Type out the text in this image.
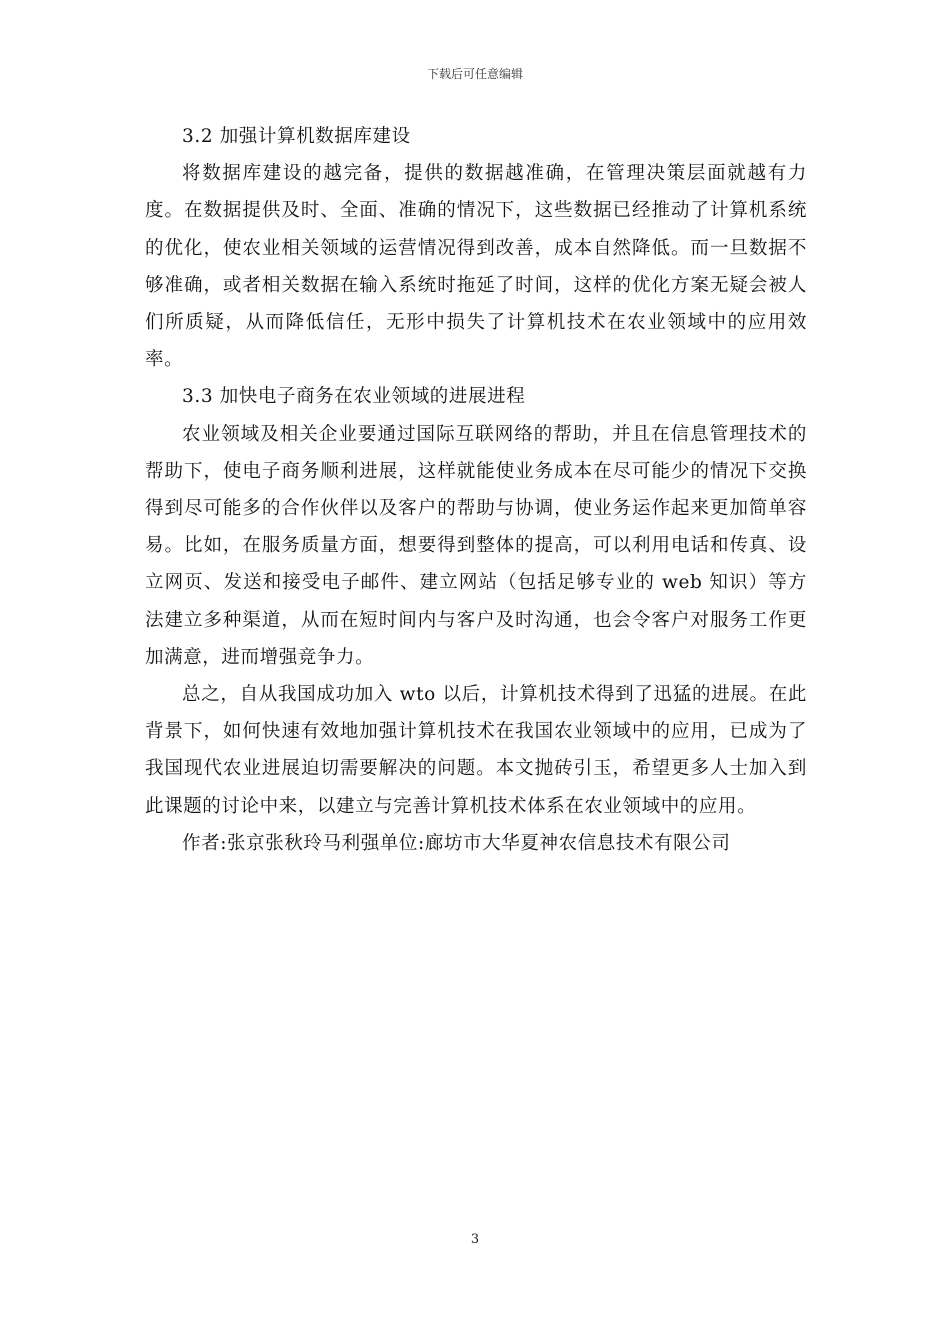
下载后可任意编辑

3.2 加强计算机数据库建设

将数据库建设的越完备，提供的数据越准确，在管理决策层面就越有力度。在数据提供及时、全面、准确的情况下，这些数据已经推动了计算机系统的优化，使农业相关领域的运营情况得到改善，成本自然降低。而一旦数据不够准确，或者相关数据在输入系统时拖延了时间，这样的优化方案无疑会被人们所质疑，从而降低信任，无形中损失了计算机技术在农业领域中的应用效率。

3.3 加快电子商务在农业领域的进展进程

农业领域及相关企业要通过国际互联网络的帮助，并且在信息管理技术的帮助下，使电子商务顺利进展，这样就能使业务成本在尽可能少的情况下交换得到尽可能多的合作伙伴以及客户的帮助与协调，使业务运作起来更加简单容易。比如，在服务质量方面，想要得到整体的提高，可以利用电话和传真、设立网页、发送和接受电子邮件、建立网站（包括足够专业的 web 知识）等方法建立多种渠道，从而在短时间内与客户及时沟通，也会令客户对服务工作更加满意，进而增强竞争力。

总之，自从我国成功加入 wto 以后，计算机技术得到了迅猛的进展。在此背景下，如何快速有效地加强计算机技术在我国农业领域中的应用，已成为了我国现代农业进展迫切需要解决的问题。本文抛砖引玉，希望更多人士加入到此课题的讨论中来，以建立与完善计算机技术体系在农业领域中的应用。

作者:张京张秋玲马利强单位:廊坊市大华夏神农信息技术有限公司

3
